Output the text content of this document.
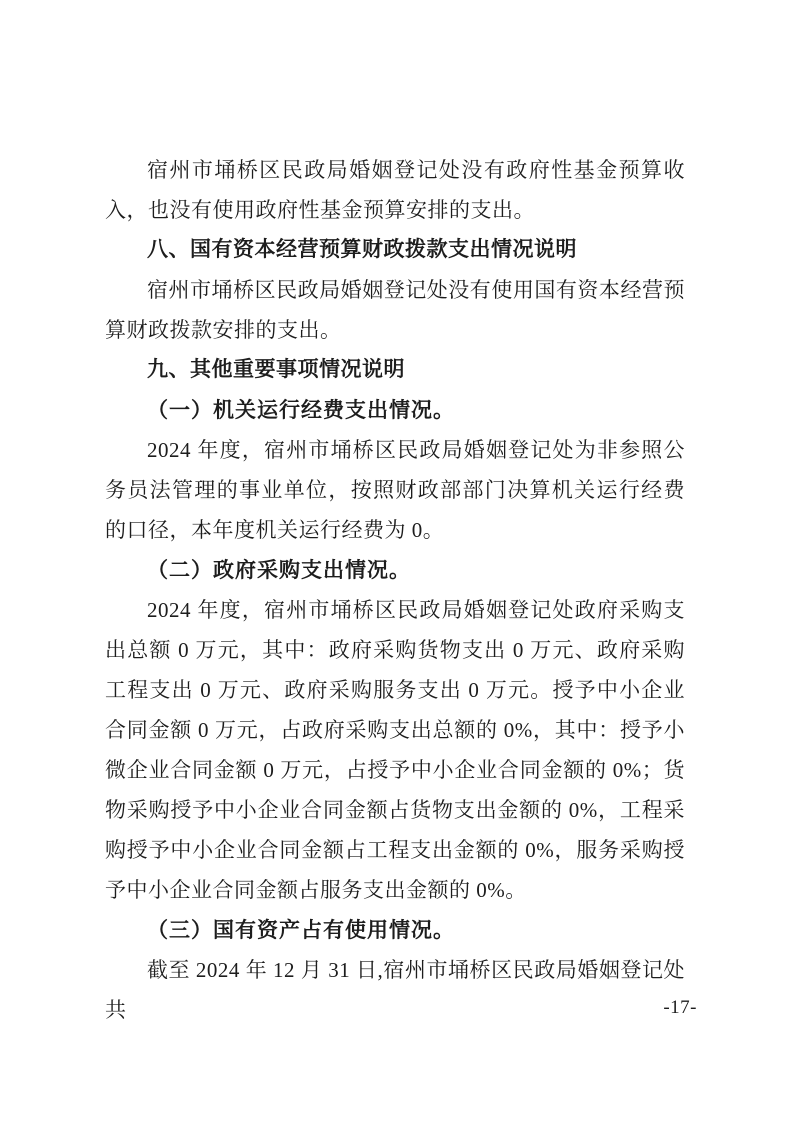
宿州市埇桥区民政局婚姻登记处没有政府性基金预算收入，也没有使用政府性基金预算安排的支出。

八、国有资本经营预算财政拨款支出情况说明

宿州市埇桥区民政局婚姻登记处没有使用国有资本经营预算财政拨款安排的支出。

九、其他重要事项情况说明

（一）机关运行经费支出情况。

2024 年度，宿州市埇桥区民政局婚姻登记处为非参照公务员法管理的事业单位，按照财政部部门决算机关运行经费的口径，本年度机关运行经费为 0。

（二）政府采购支出情况。

2024 年度，宿州市埇桥区民政局婚姻登记处政府采购支出总额 0 万元，其中：政府采购货物支出 0 万元、政府采购工程支出 0 万元、政府采购服务支出 0 万元。授予中小企业合同金额 0 万元，占政府采购支出总额的 0%，其中：授予小微企业合同金额 0 万元，占授予中小企业合同金额的 0%；货物采购授予中小企业合同金额占货物支出金额的 0%，工程采购授予中小企业合同金额占工程支出金额的 0%，服务采购授予中小企业合同金额占服务支出金额的 0%。

（三）国有资产占有使用情况。

截至 2024 年 12 月 31 日,宿州市埇桥区民政局婚姻登记处共	-17-
